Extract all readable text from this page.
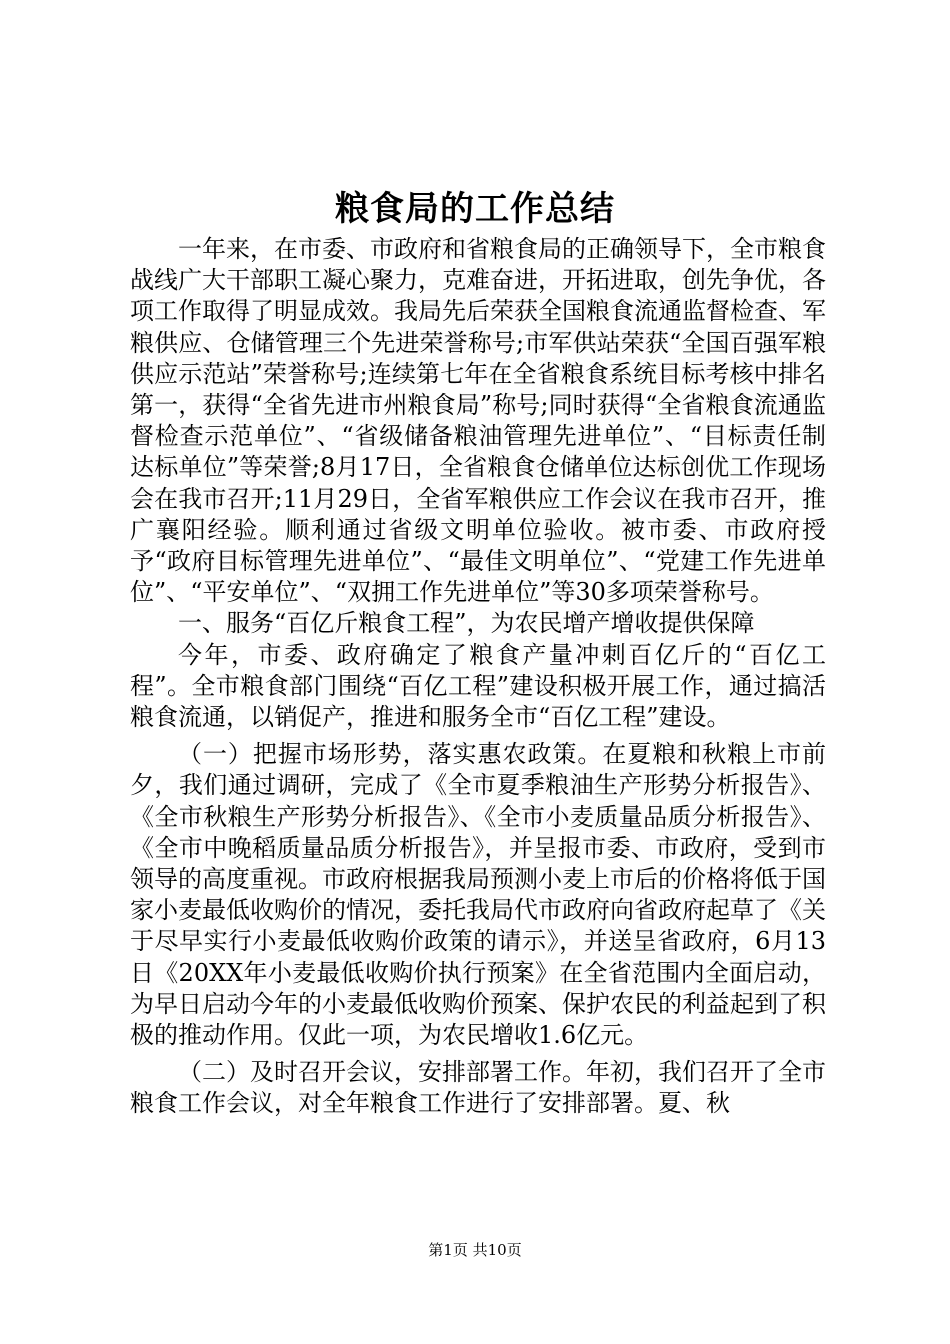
粮食局的工作总结

一年来，在市委、市政府和省粮食局的正确领导下，全市粮食战线广大干部职工凝心聚力，克难奋进，开拓进取，创先争优，各项工作取得了明显成效。我局先后荣获全国粮食流通监督检查、军粮供应、仓储管理三个先进荣誉称号;市军供站荣获“全国百强军粮供应示范站”荣誉称号;连续第七年在全省粮食系统目标考核中排名第一，获得“全省先进市州粮食局”称号;同时获得“全省粮食流通监督检查示范单位”、“省级储备粮油管理先进单位”、“目标责任制达标单位”等荣誉;8月17日，全省粮食仓储单位达标创优工作现场会在我市召开;11月29日，全省军粮供应工作会议在我市召开，推广襄阳经验。顺利通过省级文明单位验收。被市委、市政府授予“政府目标管理先进单位”、“最佳文明单位”、“党建工作先进单位”、“平安单位”、“双拥工作先进单位”等30多项荣誉称号。

一、服务“百亿斤粮食工程”，为农民增产增收提供保障

今年，市委、政府确定了粮食产量冲刺百亿斤的“百亿工程”。全市粮食部门围绕“百亿工程”建设积极开展工作，通过搞活粮食流通，以销促产，推进和服务全市“百亿工程”建设。

（一）把握市场形势，落实惠农政策。在夏粮和秋粮上市前夕，我们通过调研，完成了《全市夏季粮油生产形势分析报告》、《全市秋粮生产形势分析报告》、《全市小麦质量品质分析报告》、《全市中晚稻质量品质分析报告》，并呈报市委、市政府，受到市领导的高度重视。市政府根据我局预测小麦上市后的价格将低于国家小麦最低收购价的情况，委托我局代市政府向省政府起草了《关于尽早实行小麦最低收购价政策的请示》，并送呈省政府，6月13日《20XX年小麦最低收购价执行预案》在全省范围内全面启动，为早日启动今年的小麦最低收购价预案、保护农民的利益起到了积极的推动作用。仅此一项，为农民增收1.6亿元。

（二）及时召开会议，安排部署工作。年初，我们召开了全市粮食工作会议，对全年粮食工作进行了安排部署。夏、秋

第1页 共10页
